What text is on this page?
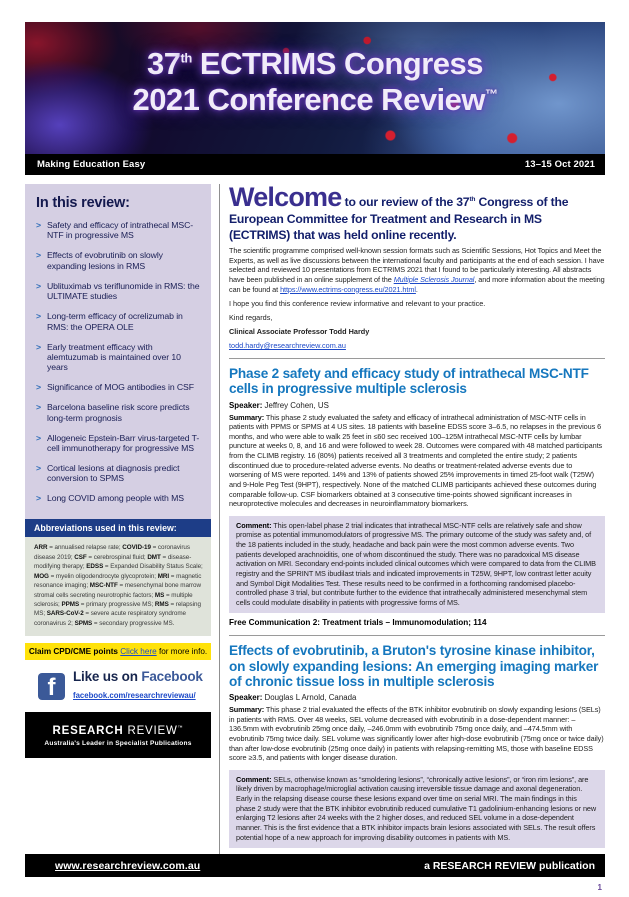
37th ECTRIMS Congress
2021 Conference Review™
Making Education Easy	13–15 Oct 2021
In this review:
> Safety and efficacy of intrathecal MSC-NTF in progressive MS
> Effects of evobrutinib on slowly expanding lesions in RMS
> Ublituximab vs teriflunomide in RMS: the ULTIMATE studies
> Long-term efficacy of ocrelizumab in RMS: the OPERA OLE
> Early treatment efficacy with alemtuzumab is maintained over 10 years
> Significance of MOG antibodies in CSF
> Barcelona baseline risk score predicts long-term prognosis
> Allogeneic Epstein-Barr virus-targeted T-cell immunotherapy for progressive MS
> Cortical lesions at diagnosis predict conversion to SPMS
> Long COVID among people with MS
Abbreviations used in this review:
ARR = annualised relapse rate; COVID-19 = coronavirus disease 2019; CSF = cerebrospinal fluid; DMT = disease-modifying therapy; EDSS = Expanded Disability Status Scale; MOG = myelin oligodendrocyte glycoprotein; MRI = magnetic resonance imaging; MSC-NTF = mesenchymal bone marrow stromal cells secreting neurotrophic factors; MS = multiple sclerosis; PPMS = primary progressive MS; RMS = relapsing MS; SARS-CoV-2 = severe acute respiratory syndrome coronavirus 2; SPMS = secondary progressive MS.
Claim CPD/CME points Click here for more info.
f	Like us on Facebook
facebook.com/researchreviewau/
RESEARCH REVIEW™
Australia's Leader in Specialist Publications
Welcome to our review of the 37th Congress of the European Committee for Treatment and Research in MS (ECTRIMS) that was held online recently.

The scientific programme comprised well-known session formats such as Scientific Sessions, Hot Topics and Meet the Experts, as well as live discussions between the international faculty and participants at the end of each session. I have selected and reviewed 10 presentations from ECTRIMS 2021 that I found to be particularly interesting. All abstracts have been published in an online supplement of the Multiple Sclerosis Journal, and more information about the meeting can be found at https://www.ectrims-congress.eu/2021.html.

I hope you find this conference review informative and relevant to your practice.

Kind regards,

Clinical Associate Professor Todd Hardy

todd.hardy@researchreview.com.au

Phase 2 safety and efficacy study of intrathecal MSC-NTF cells in progressive multiple sclerosis

Speaker: Jeffrey Cohen, US

Summary: This phase 2 study evaluated the safety and efficacy of intrathecal administration of MSC-NTF cells in patients with PPMS or SPMS at 4 US sites. 18 patients with baseline EDSS score 3–6.5, no relapses in the previous 6 months, and who were able to walk 25 feet in ≤60 sec received 100–125M intrathecal MSC-NTF cells by lumbar puncture at weeks 0, 8, and 16 and were followed to week 28. Outcomes were compared with 48 matched participants from the CLIMB registry. 16 (80%) patients received all 3 treatments and completed the entire study; 2 patients discontinued due to procedure-related adverse events. No deaths or treatment-related adverse events due to worsening of MS were reported. 14% and 13% of patients showed 25% improvements in timed 25-foot walk (T25W) and 9-Hole Peg Test (9HPT), respectively. None of the matched CLIMB participants achieved these outcomes during comparable follow-up. CSF biomarkers obtained at 3 consecutive time-points showed significant increases in neuroprotective molecules and decreases in neuroinflammatory biomarkers.

Comment: This open-label phase 2 trial indicates that intrathecal MSC-NTF cells are relatively safe and show promise as potential immunomodulators of progressive MS. The primary outcome of the study was safety and, of the 18 patients included in the study, headache and back pain were the most common adverse events. Two patients developed arachnoiditis, one of whom discontinued the study. There was no paradoxical MS disease activation on MRI. Secondary end-points included clinical outcomes which were compared to data from the CLIMB registry and the SPRINT MS ibudilast trials and indicated improvements in T25W, 9HPT, low contrast letter acuity and Symbol Digit Modalities Test. These results need to be confirmed in a forthcoming randomised placebo-controlled phase 3 trial, but contribute further to the evidence that intrathecally administered mesenchymal stem cells could modulate disability in patients with progressive forms of MS.

Free Communication 2: Treatment trials – Immunomodulation; 114

Effects of evobrutinib, a Bruton's tyrosine kinase inhibitor, on slowly expanding lesions: An emerging imaging marker of chronic tissue loss in multiple sclerosis

Speaker: Douglas L Arnold, Canada

Summary: This phase 2 trial evaluated the effects of the BTK inhibitor evobrutinib on slowly expanding lesions (SELs) in patients with RMS. Over 48 weeks, SEL volume decreased with evobrutinib in a dose-dependent manner: –136.5mm with evobrutinib 25mg once daily, –246.0mm with evobrutinib 75mg once daily, and –474.5mm with evobrutinib 75mg twice daily. SEL volume was significantly lower after high-dose evobrutinib (75mg once or twice daily) than after low-dose evobrutinib (25mg once daily) in patients with relapsing-remitting MS, those with baseline EDSS score ≥3.5, and patients with longer disease duration.

Comment: SELs, otherwise known as “smoldering lesions”, “chronically active lesions”, or “iron rim lesions”, are likely driven by macrophage/microglial activation causing irreversible tissue damage and axonal degeneration. Early in the relapsing disease course these lesions expand over time on serial MRI. The main findings in this phase 2 study were that the BTK inhibitor evobrutinib reduced cumulative T1 gadolinium-enhancing lesions or new enlarging T2 lesions after 24 weeks with the 2 higher doses, and reduced SEL volume in a dose-dependent manner. This is the first evidence that a BTK inhibitor impacts brain lesions associated with SELs. The result offers potential hope of a new approach for improving disability outcomes in patients with MS.

www.researchreview.com.au	a RESEARCH REVIEW publication
1
